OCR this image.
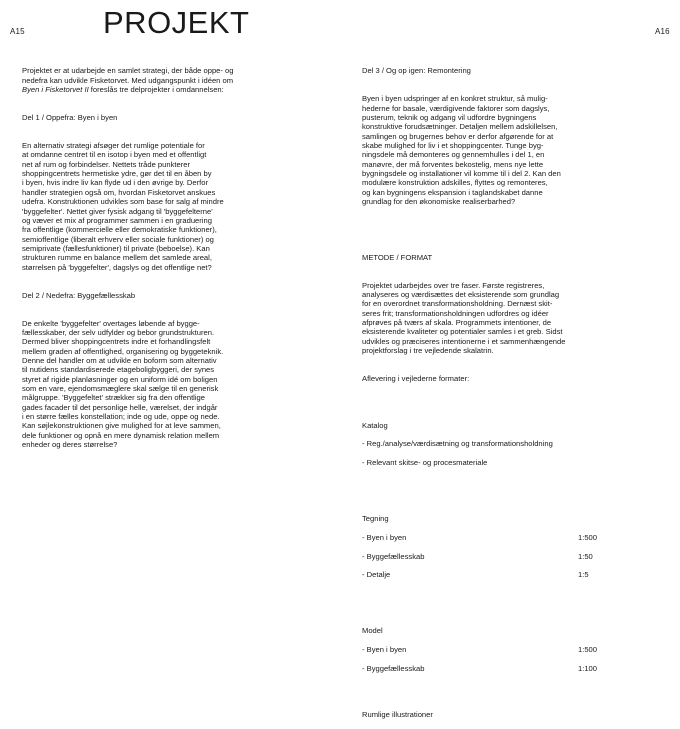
A15	A16
PROJEKT

Projektet er at udarbejde en samlet strategi, der både oppe- og
nedefra kan udvikle Fisketorvet. Med udgangspunkt i idéen om
Byen i Fisketorvet II foreslås tre delprojekter i omdannelsen:

Del 1 / Oppefra: Byen i byen

En alternativ strategi afsøger det rumlige potentiale for
at omdanne centret til en isotop i byen med et offentligt
net af rum og forbindelser. Nettets tråde punkterer
shoppingcentrets hermetiske ydre, gør det til en åben by
i byen, hvis indre liv kan flyde ud i den øvrige by. Derfor
handler strategien også om, hvordan Fisketorvet anskues
udefra. Konstruktionen udvikles som base for salg af mindre
'byggefelter'. Nettet giver fysisk adgang til 'byggefelterne'
og væver et mix af programmer sammen i en graduering
fra offentlige (kommercielle eller demokratiske funktioner),
semioffentlige (liberalt erhverv eller sociale funktioner) og
semiprivate (fællesfunktioner) til private (beboelse). Kan
strukturen rumme en balance mellem det samlede areal,
størrelsen på 'byggefelter', dagslys og det offentlige net?

Del 2 / Nedefra: Byggefællesskab

De enkelte 'byggefelter' overtages løbende af bygge-
fællesskaber, der selv udfylder og bebor grundstrukturen.
Dermed bliver shoppingcentrets indre et forhandlingsfelt
mellem graden af offentlighed, organisering og byggeteknik.
Denne del handler om at udvikle en boform som alternativ
til nutidens standardiserede etageboligbyggeri, der synes
styret af rigide planløsninger og en uniform idé om boligen
som en vare, ejendomsmæglere skal sælge til en generisk
målgruppe. 'Byggefeltet' strækker sig fra den offentlige
gades facader til det personlige helle, værelset, der indgår
i en større fælles konstellation; inde og ude, oppe og nede.
Kan søjlekonstruktionen give mulighed for at leve sammen,
dele funktioner og opnå en mere dynamisk relation mellem
enheder og deres størrelse?

Del 3 / Og op igen: Remontering

Byen i byen udspringer af en konkret struktur, så mulig-
hederne for basale, værdigivende faktorer som dagslys,
pusterum, teknik og adgang vil udfordre bygningens
konstruktive forudsætninger. Detaljen mellem adskillelsen,
samlingen og brugernes behov er derfor afgørende for at
skabe mulighed for liv i et shoppingcenter. Tunge byg-
ningsdele må demonteres og gennemhulles i del 1, en
manøvre, der må forventes bekostelig, mens nye lette
bygningsdele og installationer vil komme til i del 2. Kan den
modulære konstruktion adskilles, flyttes og remonteres,
og kan bygningens ekspansion i taglandskabet danne
grundlag for den økonomiske realiserbarhed?

METODE / FORMAT

Projektet udarbejdes over tre faser. Første registreres,
analyseres og værdisættes det eksisterende som grundlag
for en overordnet transformationsholdning. Dernæst skit-
seres frit; transformationsholdningen udfordres og idéer
afprøves på tværs af skala. Programmets intentioner, de
eksisterende kvaliteter og potentialer samles i et greb. Sidst
udvikles og præciseres intentionerne i et sammenhængende
projektforslag i tre vejledende skalatrin.

Aflevering i vejlederne formater:

Katalog

- Reg./analyse/værdisætning og transformationsholdning

- Relevant skitse- og procesmateriale

Tegning

- Byen i byen	1:500

- Byggefællesskab	1:50

- Detalje	1:5

Model

- Byen i byen	1:500

- Byggefællesskab	1:100

Rumlige illustrationer
